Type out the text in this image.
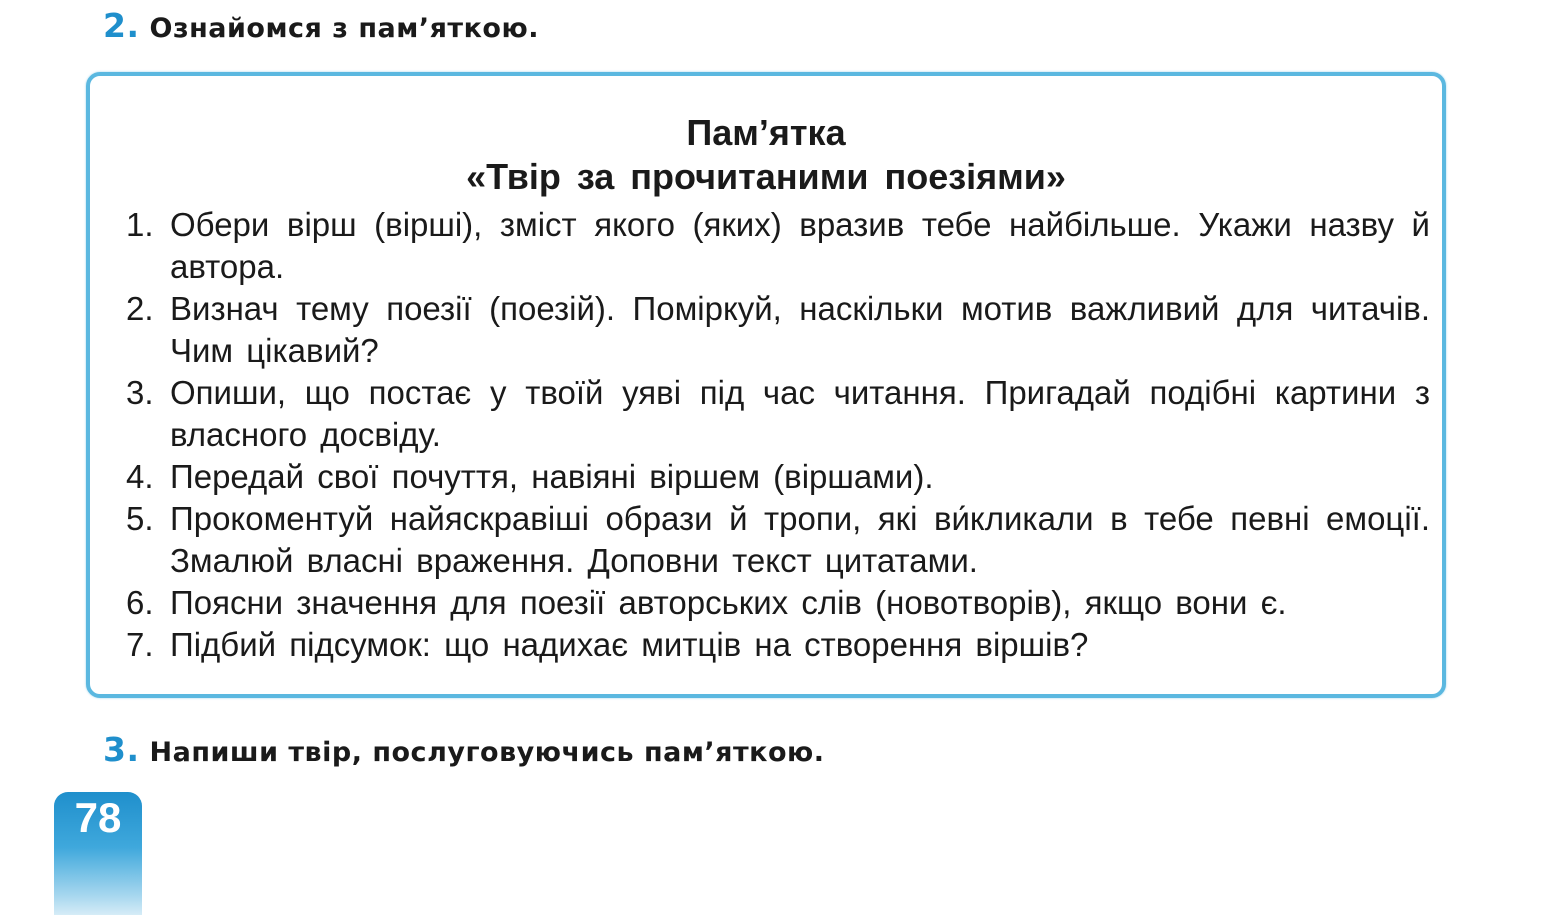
2. Ознайомся з пам’яткою.
Пам’ятка
«Твір за прочитаними поезіями»
1. Обери вірш (вірші), зміст якого (яких) вразив тебе найбільше. Укажи назву й автора.
2. Визнач тему поезії (поезій). Поміркуй, наскільки мотив важливий для читачів. Чим цікавий?
3. Опиши, що постає у твоїй уяві під час читання. Пригадай подібні картини з власного досвіду.
4. Передай свої почуття, навіяні віршем (віршами).
5. Прокоментуй найяскравіші образи й тропи, які ви́кликали в тебе певні емоції. Змалюй власні враження. Доповни текст цитатами.
6. Поясни значення для поезії авторських слів (новотворів), якщо вони є.
7. Підбий підсумок: що надихає митців на створення віршів?
3. Напиши твір, послуговуючись пам’яткою.
78
